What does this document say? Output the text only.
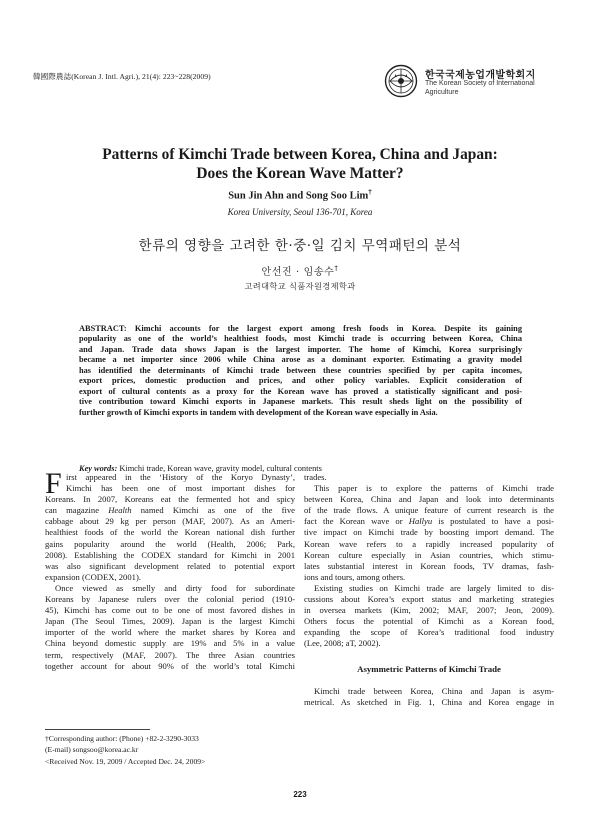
韓國際農誌(Korean J. Intl. Agri.), 21(4): 223~228(2009)	한국국제농업개발학회지
The Korean Society of International
Agriculture
Patterns of Kimchi Trade between Korea, China and Japan:
Does the Korean Wave Matter?
Sun Jin Ahn and Song Soo Lim†
Korea University, Seoul 136-701, Korea
한류의 영향을 고려한 한·중·일 김치 무역패턴의 분석
안선진 · 임송수†
고려대학교 식품자원경제학과
ABSTRACT: Kimchi accounts for the largest export among fresh foods in Korea. Despite its gaining
popularity as one of the world’s healthiest foods, most Kimchi trade is occurring between Korea, China
and Japan. Trade data shows Japan is the largest importer. The home of Kimchi, Korea surprisingly
became a net importer since 2006 while China arose as a dominant exporter. Estimating a gravity model
has identified the determinants of Kimchi trade between these countries specified by per capita incomes,
export prices, domestic production and prices, and other policy variables. Explicit consideration of
export of cultural contents as a proxy for the Korean wave has proved a statistically significant and posi-
tive contribution toward Kimchi exports in Japanese markets. This result sheds light on the possibility of
further growth of Kimchi exports in tandem with development of the Korean wave especially in Asia.
Key words: Kimchi trade, Korean wave, gravity model, cultural contents
F irst appeared in the ‘History of the Koryo Dynasty’,
Kimchi has been one of most important dishes for
Koreans. In 2007, Koreans eat the fermented hot and spicy
can magazine Health named Kimchi as one of the five
cabbage about 29 kg per person (MAF, 2007). As an Ameri-
healthiest foods of the world the Korean national dish further
gains popularity around the world (Health, 2006; Park,
2008). Establishing the CODEX standard for Kimchi in 2001
was also significant development related to potential export
expansion (CODEX, 2001).
Once viewed as smelly and dirty food for subordinate
Koreans by Japanese rulers over the colonial period (1910-
45), Kimchi has come out to be one of most favored dishes in
Japan (The Seoul Times, 2009). Japan is the largest Kimchi
importer of the world where the market shares by Korea and
China beyond domestic supply are 19% and 5% in a value
term, respectively (MAF, 2007). The three Asian countries
together account for about 90% of the world’s total Kimchi
trades.
This paper is to explore the patterns of Kimchi trade
between Korea, China and Japan and look into determinants
of the trade flows. A unique feature of current research is the
fact the Korean wave or Hallyu is postulated to have a posi-
tive impact on Kimchi trade by boosting import demand. The
Korean wave refers to a rapidly increased popularity of
Korean culture especially in Asian countries, which stimu-
lates substantial interest in Korean foods, TV dramas, fash-
ions and tours, among others.
Existing studies on Kimchi trade are largely limited to dis-
cussions about Korea’s export status and marketing strategies
in oversea markets (Kim, 2002; MAF, 2007; Jeon, 2009).
Others focus the potential of Kimchi as a Korean food,
expanding the scope of Korea’s traditional food industry
(Lee, 2008; aT, 2002).
Asymmetric Patterns of Kimchi Trade
Kimchi trade between Korea, China and Japan is asym-
metrical. As sketched in Fig. 1, China and Korea engage in
†Corresponding author: (Phone) +82-2-3290-3033
(E-mail) songsoo@korea.ac.kr
<Received Nov. 19, 2009 / Accepted Dec. 24, 2009>
223
